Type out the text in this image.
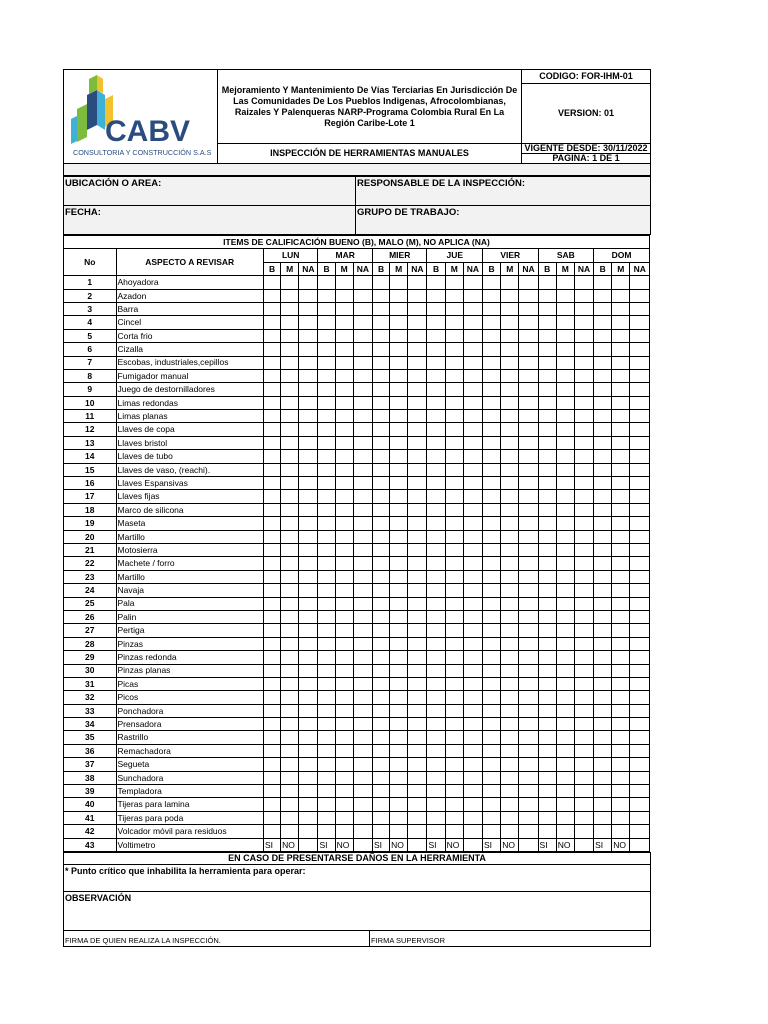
CABV
CONSULTORIA Y CONSTRUCCIÓN S.A.S	Mejoramiento Y Mantenimiento De Vías Terciarias En Jurisdicción De Las Comunidades De Los Pueblos Indigenas, Afrocolombianas, Raizales Y Palenqueras NARP-Programa Colombia Rural En La Región Caribe-Lote 1	CODIGO: FOR-IHM-01
		VERSION: 01
	INSPECCIÓN DE HERRAMIENTAS MANUALES	VIGENTE DESDE: 30/11/2022
PAGINA: 1 DE 1

UBICACIÓN O AREA:	RESPONSABLE DE LA INSPECCIÓN:
FECHA:	GRUPO DE TRABAJO:
ITEMS DE CALIFICACIÓN BUENO (B), MALO (M), NO APLICA (NA)																						
No	ASPECTO A REVISAR	LUN			MAR			MIER			JUE			VIER			SAB			DOM		
		B	M	NA	B	M	NA	B	M	NA	B	M	NA	B	M	NA	B	M	NA	B	M	NA
1	Ahoyadora																					
2	Azadon																					
3	Barra																					
4	Cincel																					
5	Corta frio																					
6	Cizalla																					
7	Escobas, industriales,cepillos																					
8	Fumigador manual																					
9	Juego de destornilladores																					
10	Limas redondas																					
11	Limas planas																					
12	Llaves de copa																					
13	Llaves bristol																					
14	Llaves de tubo																					
15	Llaves de vaso, (reachi).																					
16	Llaves Espansivas																					
17	Llaves fijas																					
18	Marco de silicona																					
19	Maseta																					
20	Martillo																					
21	Motosierra																					
22	Machete / forro																					
23	Martillo																					
24	Navaja																					
25	Pala																					
26	Palin																					
27	Pertiga																					
28	Pinzas																					
29	Pinzas redonda																					
30	Pinzas planas																					
31	Picas																					
32	Picos																					
33	Ponchadora																					
34	Prensadora																					
35	Rastrillo																					
36	Remachadora																					
37	Segueta																					
38	Sunchadora																					
39	Templadora																					
40	Tijeras para lamina																					
41	Tijeras para poda																					
42	Volcador móvil para residuos																					
43	Voltimetro	SI	NO		SI	NO		SI	NO		SI	NO		SI	NO		SI	NO		SI	NO	
EN CASO DE PRESENTARSE DAÑOS EN LA HERRAMIENTA
* Punto crítico que inhabilita la herramienta para operar:
OBSERVACIÓN
FIRMA DE QUIEN REALIZA LA INSPECCIÓN.	FIRMA SUPERVISOR
